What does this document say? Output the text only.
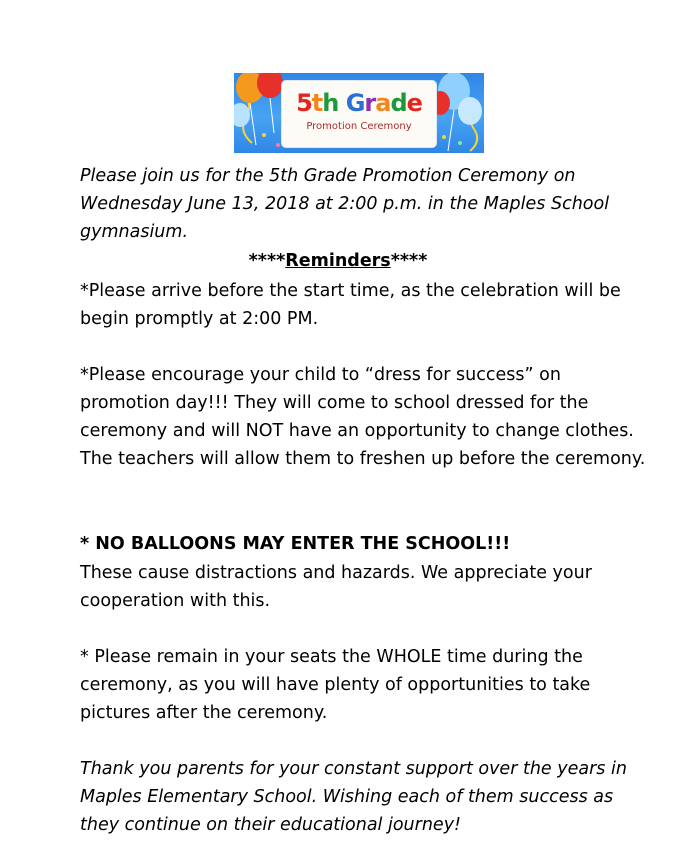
5th Grade
Promotion Ceremony

Please join us for the 5th Grade Promotion Ceremony on Wednesday June 13, 2018 at 2:00 p.m. in the Maples School gymnasium.

****Reminders****

*Please arrive before the start time, as the celebration will be begin promptly at 2:00 PM.

*Please encourage your child to “dress for success” on promotion day!!! They will come to school dressed for the ceremony and will NOT have an opportunity to change clothes. The teachers will allow them to freshen up before the ceremony.

* NO BALLOONS MAY ENTER THE SCHOOL!!!

These cause distractions and hazards. We appreciate your cooperation with this.

* Please remain in your seats the WHOLE time during the ceremony, as you will have plenty of opportunities to take pictures after the ceremony.

Thank you parents for your constant support over the years in Maples Elementary School. Wishing each of them success as they continue on their educational journey!
